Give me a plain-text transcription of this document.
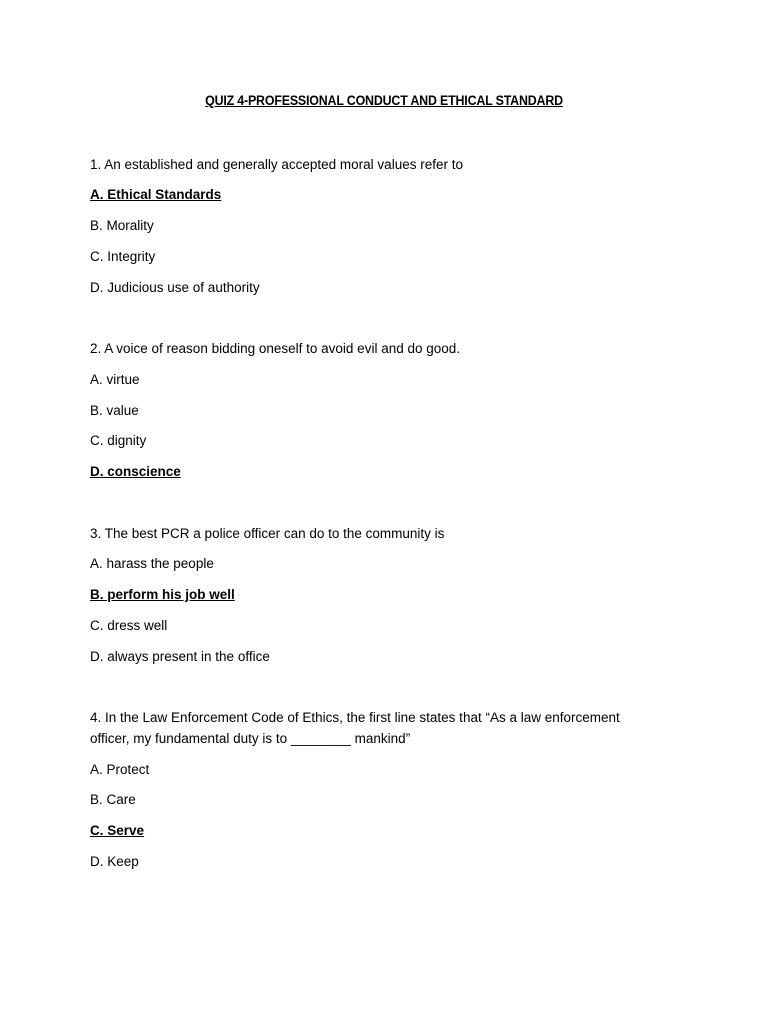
QUIZ 4-PROFESSIONAL CONDUCT AND ETHICAL STANDARD
1. An established and generally accepted moral values refer to
A. Ethical Standards
B. Morality
C. Integrity
D. Judicious use of authority
2. A voice of reason bidding oneself to avoid evil and do good.
A. virtue
B. value
C. dignity
D. conscience
3. The best PCR a police officer can do to the community is
A. harass the people
B. perform his job well
C. dress well
D. always present in the office
4. In the Law Enforcement Code of Ethics, the first line states that “As a law enforcement
officer, my fundamental duty is to ________ mankind”
A. Protect
B. Care
C. Serve
D. Keep
